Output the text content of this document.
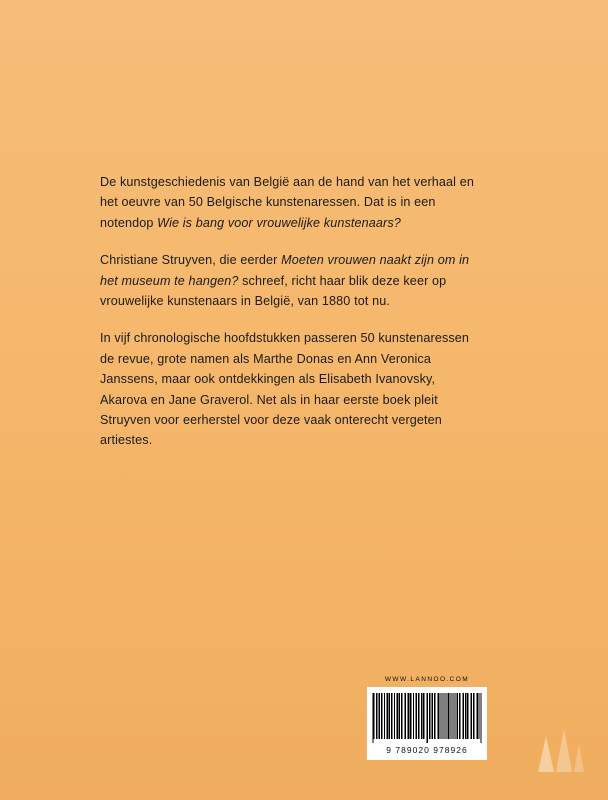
De kunstgeschiedenis van België aan de hand van het verhaal en het oeuvre van 50 Belgische kunstenaressen. Dat is in een notendop Wie is bang voor vrouwelijke kunstenaars?

Christiane Struyven, die eerder Moeten vrouwen naakt zijn om in het museum te hangen? schreef, richt haar blik deze keer op vrouwelijke kunstenaars in België, van 1880 tot nu.

In vijf chronologische hoofdstukken passeren 50 kunstenaressen de revue, grote namen als Marthe Donas en Ann Veronica Janssens, maar ook ontdekkingen als Elisabeth Ivanovsky, Akarova en Jane Graverol. Net als in haar eerste boek pleit Struyven voor eerherstel voor deze vaak onterecht vergeten artiestes.

WWW.LANNOO.COM
9 789020 978926
